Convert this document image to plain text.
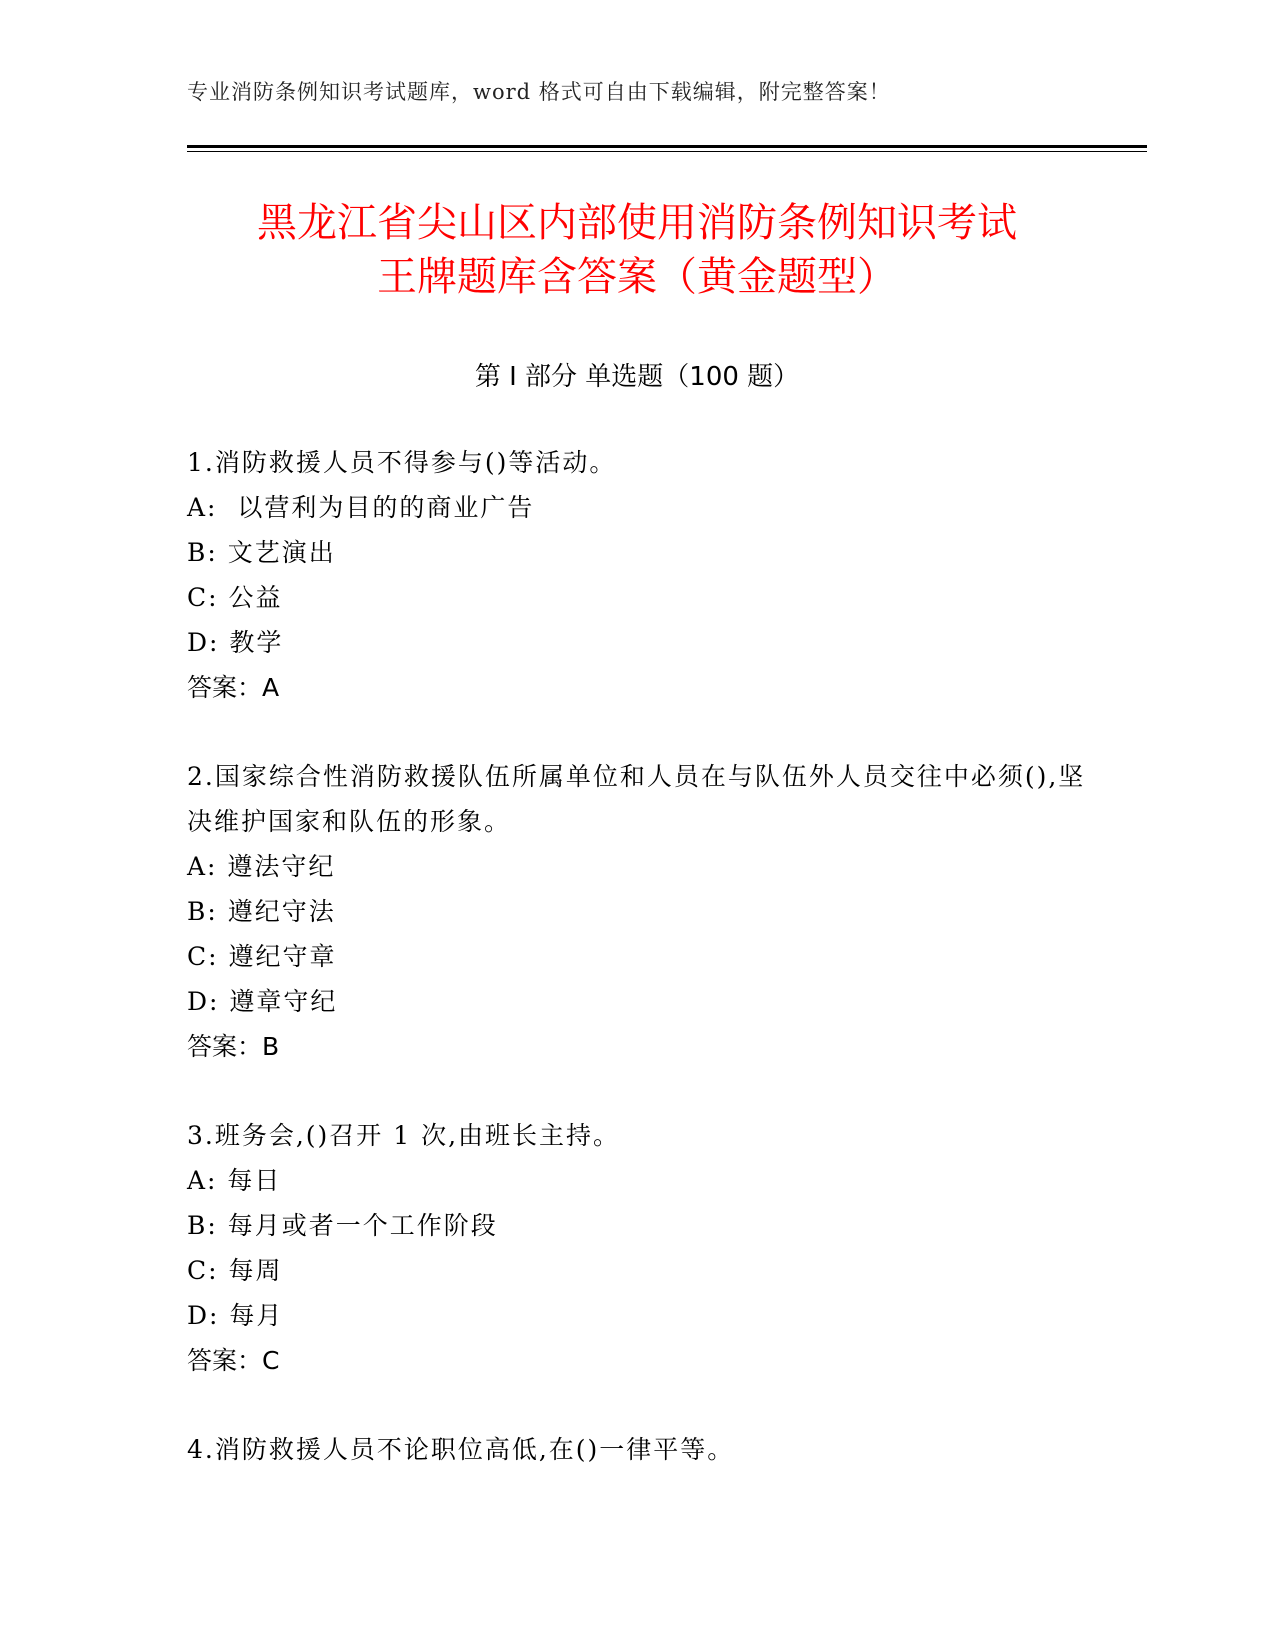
专业消防条例知识考试题库，word 格式可自由下载编辑，附完整答案！
黑龙江省尖山区内部使用消防条例知识考试
王牌题库含答案（黄金题型）
第 I 部分 单选题（100 题）
1.消防救援人员不得参与()等活动。
A:  以营利为目的的商业广告
B: 文艺演出
C: 公益
D: 教学
答案：A
2.国家综合性消防救援队伍所属单位和人员在与队伍外人员交往中必须(),坚决维护国家和队伍的形象。
A: 遵法守纪
B: 遵纪守法
C: 遵纪守章
D: 遵章守纪
答案：B
3.班务会,()召开 1 次,由班长主持。
A: 每日
B: 每月或者一个工作阶段
C: 每周
D: 每月
答案：C
4.消防救援人员不论职位高低,在()一律平等。
